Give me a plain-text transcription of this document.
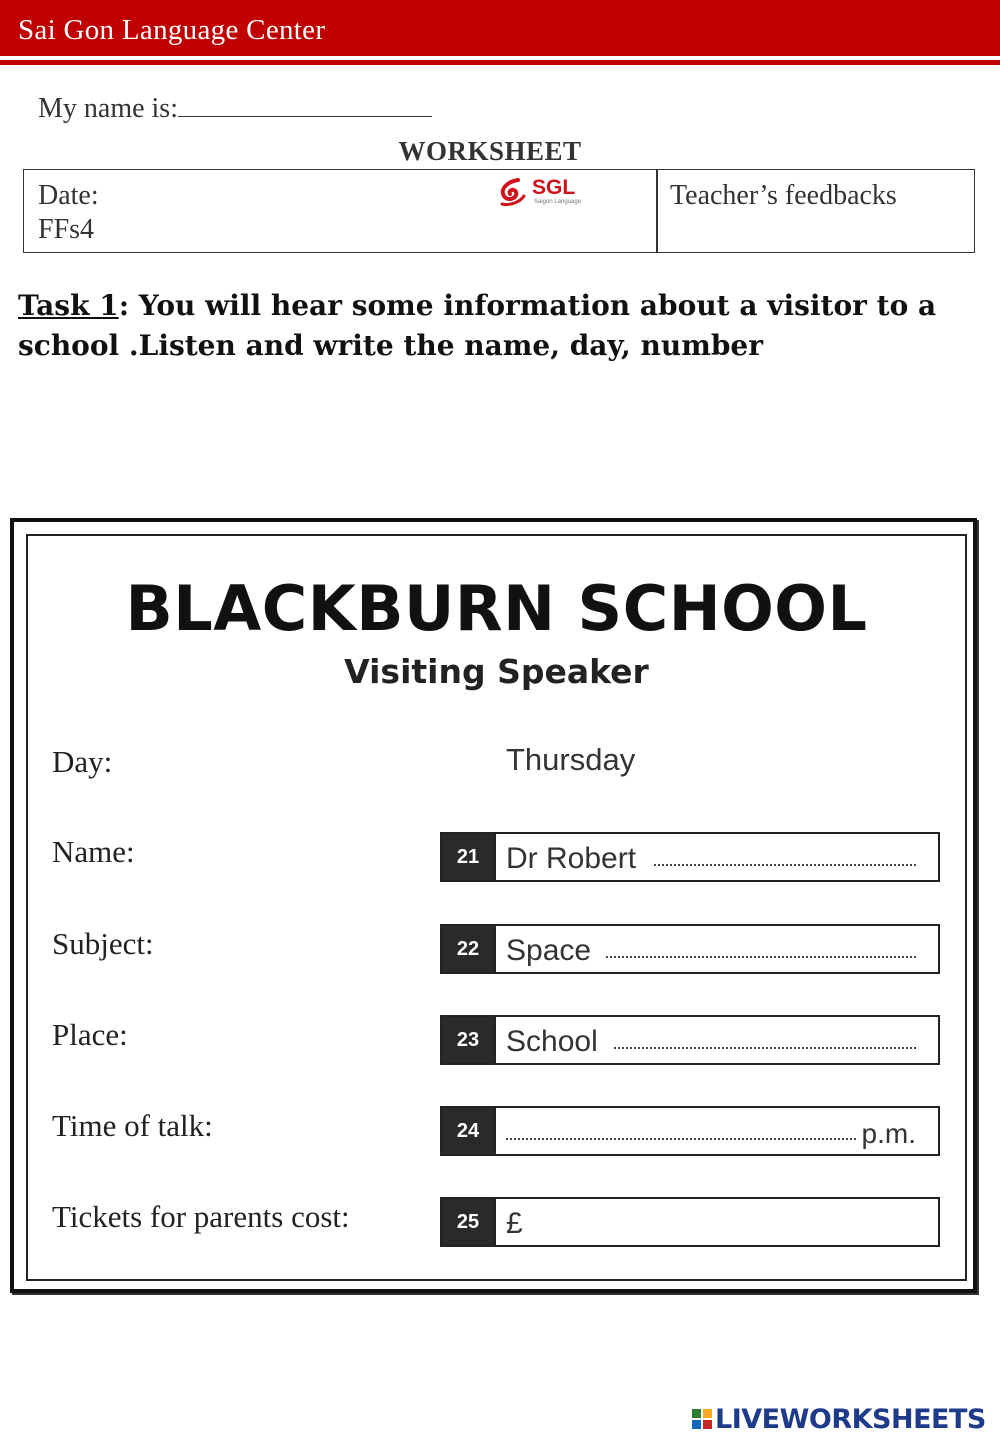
Sai Gon Language Center
My name is:
WORKSHEET
Date:
FFs4
SGL
Saigon Language	Teacher’s feedbacks
Task 1: You will hear some information about a visitor to a school .Listen and write the name, day, number
BLACKBURN SCHOOL
Visiting Speaker
Day:	Thursday
Name:	21 Dr Robert
Subject:	22 Space
Place:	23 School
Time of talk:	24	p.m.
Tickets for parents cost:	25 £
LIVEWORKSHEETS
